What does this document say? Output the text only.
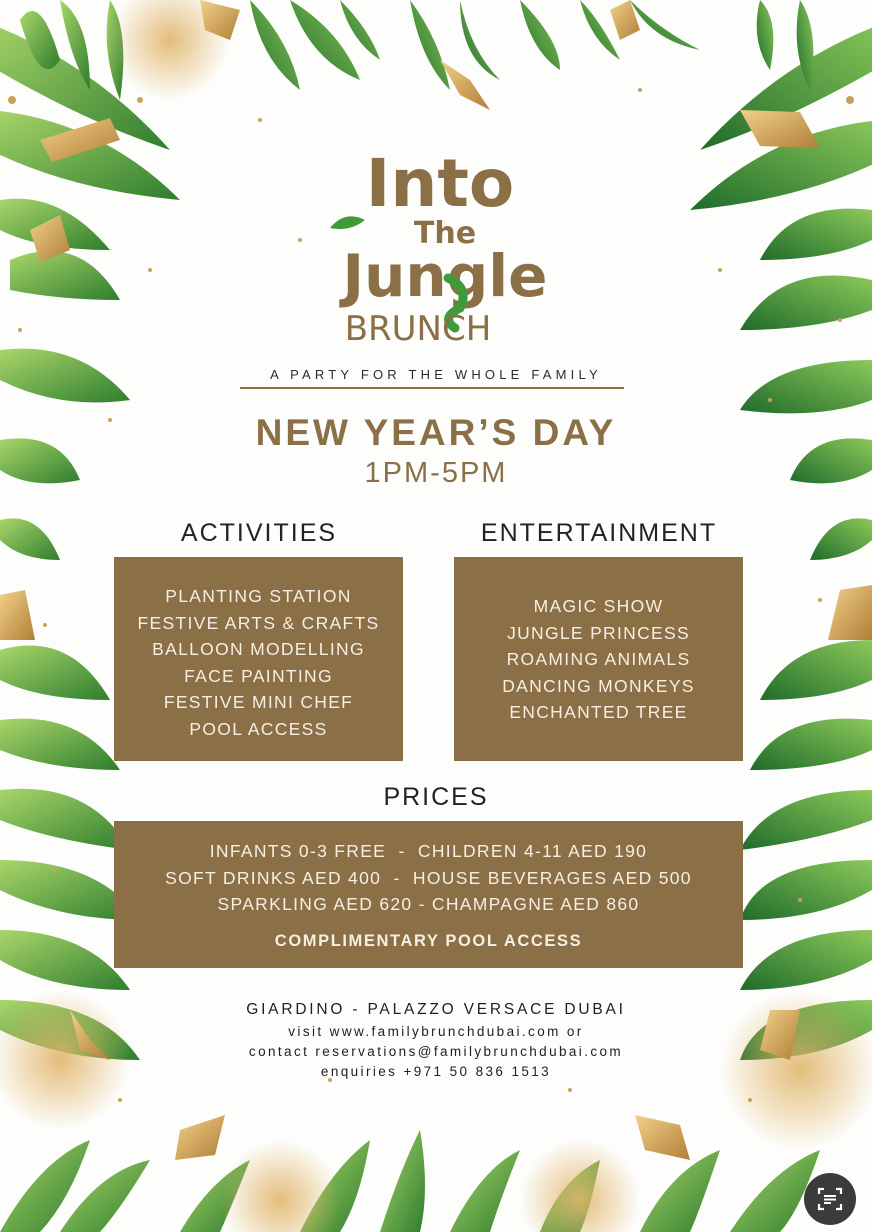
Into
The
Jungle
BRUNCH
A PARTY FOR THE WHOLE FAMILY
NEW YEAR’S DAY
1PM-5PM
ACTIVITIES
PLANTING STATION
FESTIVE ARTS & CRAFTS
BALLOON MODELLING
FACE PAINTING
FESTIVE MINI CHEF
POOL ACCESS
ENTERTAINMENT
MAGIC SHOW
JUNGLE PRINCESS
ROAMING ANIMALS
DANCING MONKEYS
ENCHANTED TREE
PRICES
INFANTS 0-3 FREE  -  CHILDREN 4-11 AED 190
SOFT DRINKS AED 400  -  HOUSE BEVERAGES AED 500
SPARKLING AED 620 - CHAMPAGNE AED 860
COMPLIMENTARY POOL ACCESS
GIARDINO - PALAZZO VERSACE DUBAI
visit www.familybrunchdubai.com or
contact reservations@familybrunchdubai.com
enquiries +971 50 836 1513
